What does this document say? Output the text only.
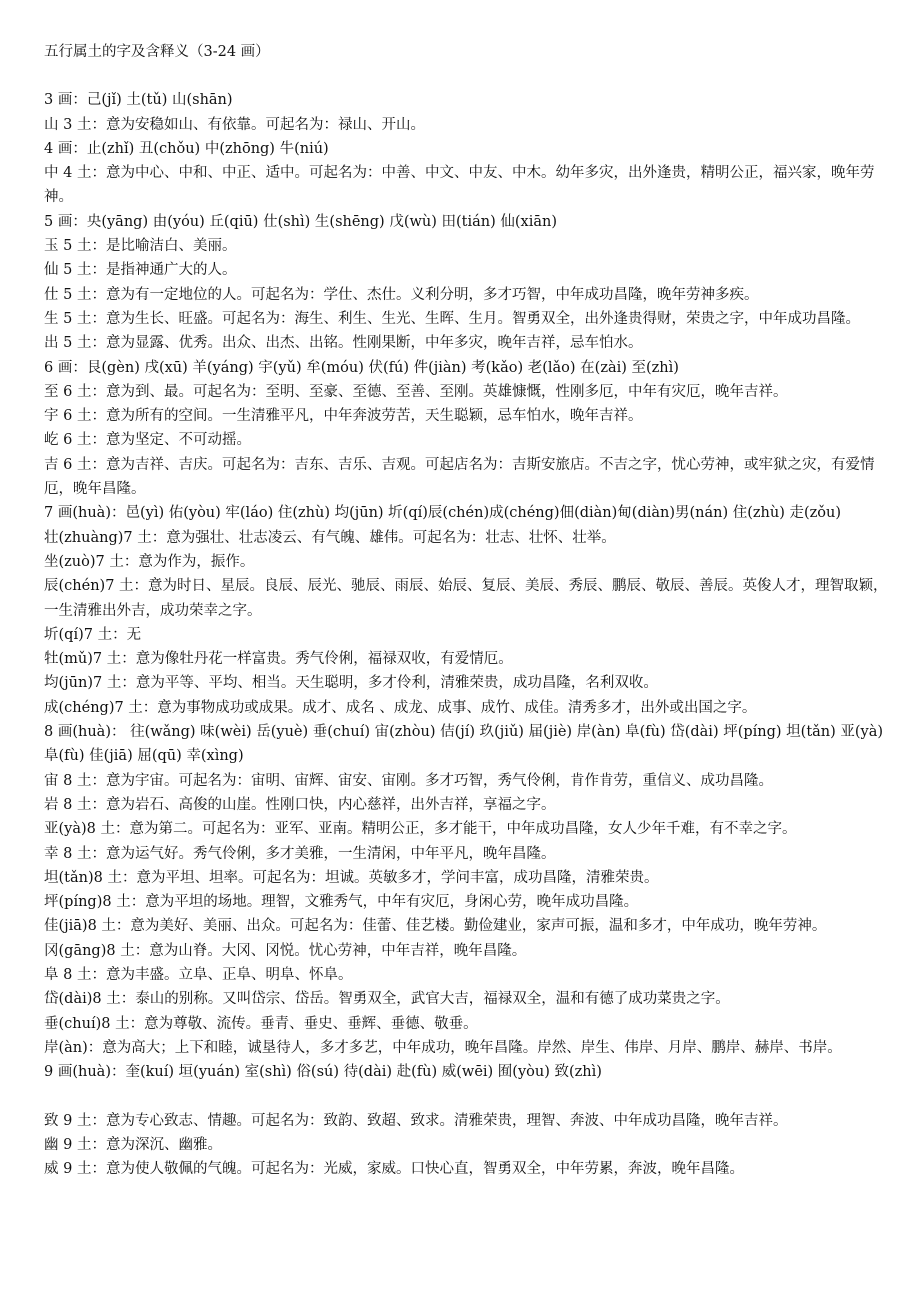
五行属土的字及含释义（3-24 画）

3 画：己(jǐ) 土(tǔ) 山(shān)

山 3 土：意为安稳如山、有依靠。可起名为：禄山、开山。

4 画：止(zhǐ) 丑(chǒu) 中(zhōng) 牛(niú)

中 4 土：意为中心、中和、中正、适中。可起名为：中善、中文、中友、中木。幼年多灾，出外逢贵，精明公正，福兴家，晚年劳神。

5 画：央(yāng) 由(yóu) 丘(qiū) 仕(shì) 生(shēng) 戊(wù) 田(tián) 仙(xiān)

玉 5 土：是比喻洁白、美丽。

仙 5 土：是指神通广大的人。

仕 5 土：意为有一定地位的人。可起名为：学仕、杰仕。义利分明，多才巧智，中年成功昌隆，晚年劳神多疾。

生 5 土：意为生长、旺盛。可起名为：海生、利生、生光、生晖、生月。智勇双全，出外逢贵得财，荣贵之字，中年成功昌隆。

出 5 土：意为显露、优秀。出众、出杰、出铭。性刚果断，中年多灾，晚年吉祥，忌车怕水。

6 画：艮(gèn) 戌(xū) 羊(yáng) 宇(yǔ) 牟(móu) 伏(fú) 件(jiàn) 考(kǎo) 老(lǎo) 在(zài) 至(zhì)

至 6 土：意为到、最。可起名为：至明、至豪、至德、至善、至刚。英雄慷慨，性刚多厄，中年有灾厄，晚年吉祥。

宇 6 土：意为所有的空间。一生清雅平凡，中年奔波劳苦，天生聪颖，忌车怕水，晚年吉祥。

屹 6 土：意为坚定、不可动摇。

吉 6 土：意为吉祥、吉庆。可起名为：吉东、吉乐、吉观。可起店名为：吉斯安旅店。不吉之字，忧心劳神，或牢狱之灾，有爱情厄，晚年昌隆。

7 画(huà)：邑(yì) 佑(yòu) 牢(láo) 住(zhù) 均(jūn) 圻(qí)辰(chén)成(chéng)佃(diàn)甸(diàn)男(nán) 住(zhù) 走(zǒu)

壮(zhuàng)7 土：意为强壮、壮志凌云、有气魄、雄伟。可起名为：壮志、壮怀、壮举。

坐(zuò)7 土：意为作为，振作。

辰(chén)7 土：意为时日、星辰。良辰、辰光、驰辰、雨辰、始辰、复辰、美辰、秀辰、鹏辰、敬辰、善辰。英俊人才，理智取颖，一生清雅出外吉，成功荣幸之字。

圻(qí)7 土：无

牡(mǔ)7 土：意为像牡丹花一样富贵。秀气伶俐，福禄双收，有爱情厄。

均(jūn)7 土：意为平等、平均、相当。天生聪明，多才伶利，清雅荣贵，成功昌隆，名利双收。

成(chéng)7 土：意为事物成功或成果。成才、成名 、成龙、成事、成竹、成佳。清秀多才，出外或出国之字。

8 画(huà)： 往(wǎng) 味(wèi) 岳(yuè) 垂(chuí) 宙(zhòu) 佶(jí) 玖(jiǔ) 届(jiè) 岸(àn) 阜(fù) 岱(dài) 坪(píng) 坦(tǎn) 亚(yà) 阜(fù) 佳(jiā) 屈(qū) 幸(xìng)

宙 8 土：意为宇宙。可起名为：宙明、宙辉、宙安、宙刚。多才巧智，秀气伶俐，肯作肯劳，重信义、成功昌隆。

岩 8 土：意为岩石、高俊的山崖。性刚口快，内心慈祥，出外吉祥，享福之字。

亚(yà)8 土：意为第二。可起名为：亚军、亚南。精明公正，多才能干，中年成功昌隆，女人少年千难，有不幸之字。

幸 8 土：意为运气好。秀气伶俐，多才美雅，一生清闲，中年平凡，晚年昌隆。

坦(tǎn)8 土：意为平坦、坦率。可起名为：坦诚。英敏多才，学问丰富，成功昌隆，清雅荣贵。

坪(píng)8 土：意为平坦的场地。理智，文雅秀气，中年有灾厄，身闲心劳，晚年成功昌隆。

佳(jiā)8 土：意为美好、美丽、出众。可起名为：佳蕾、佳艺楼。勤俭建业，家声可振，温和多才，中年成功，晚年劳神。

冈(gāng)8 土：意为山脊。大冈、冈悦。忧心劳神，中年吉祥，晚年昌隆。

阜 8 土：意为丰盛。立阜、正阜、明阜、怀阜。

岱(dài)8 土：泰山的别称。又叫岱宗、岱岳。智勇双全，武官大吉，福禄双全，温和有德了成功菜贵之字。

垂(chuí)8 土：意为尊敬、流传。垂青、垂史、垂辉、垂德、敬垂。

岸(àn)：意为高大；上下和睦，诚垦待人，多才多艺，中年成功，晚年昌隆。岸然、岸生、伟岸、月岸、鹏岸、赫岸、书岸。

9 画(huà)：奎(kuí) 垣(yuán) 室(shì) 俗(sú) 待(dài) 赴(fù) 威(wēi) 囿(yòu) 致(zhì)

致 9 土：意为专心致志、情趣。可起名为：致韵、致超、致求。清雅荣贵，理智、奔波、中年成功昌隆，晚年吉祥。

幽 9 土：意为深沉、幽雅。

威 9 土：意为使人敬佩的气魄。可起名为：光威，家威。口快心直，智勇双全，中年劳累，奔波，晚年昌隆。
